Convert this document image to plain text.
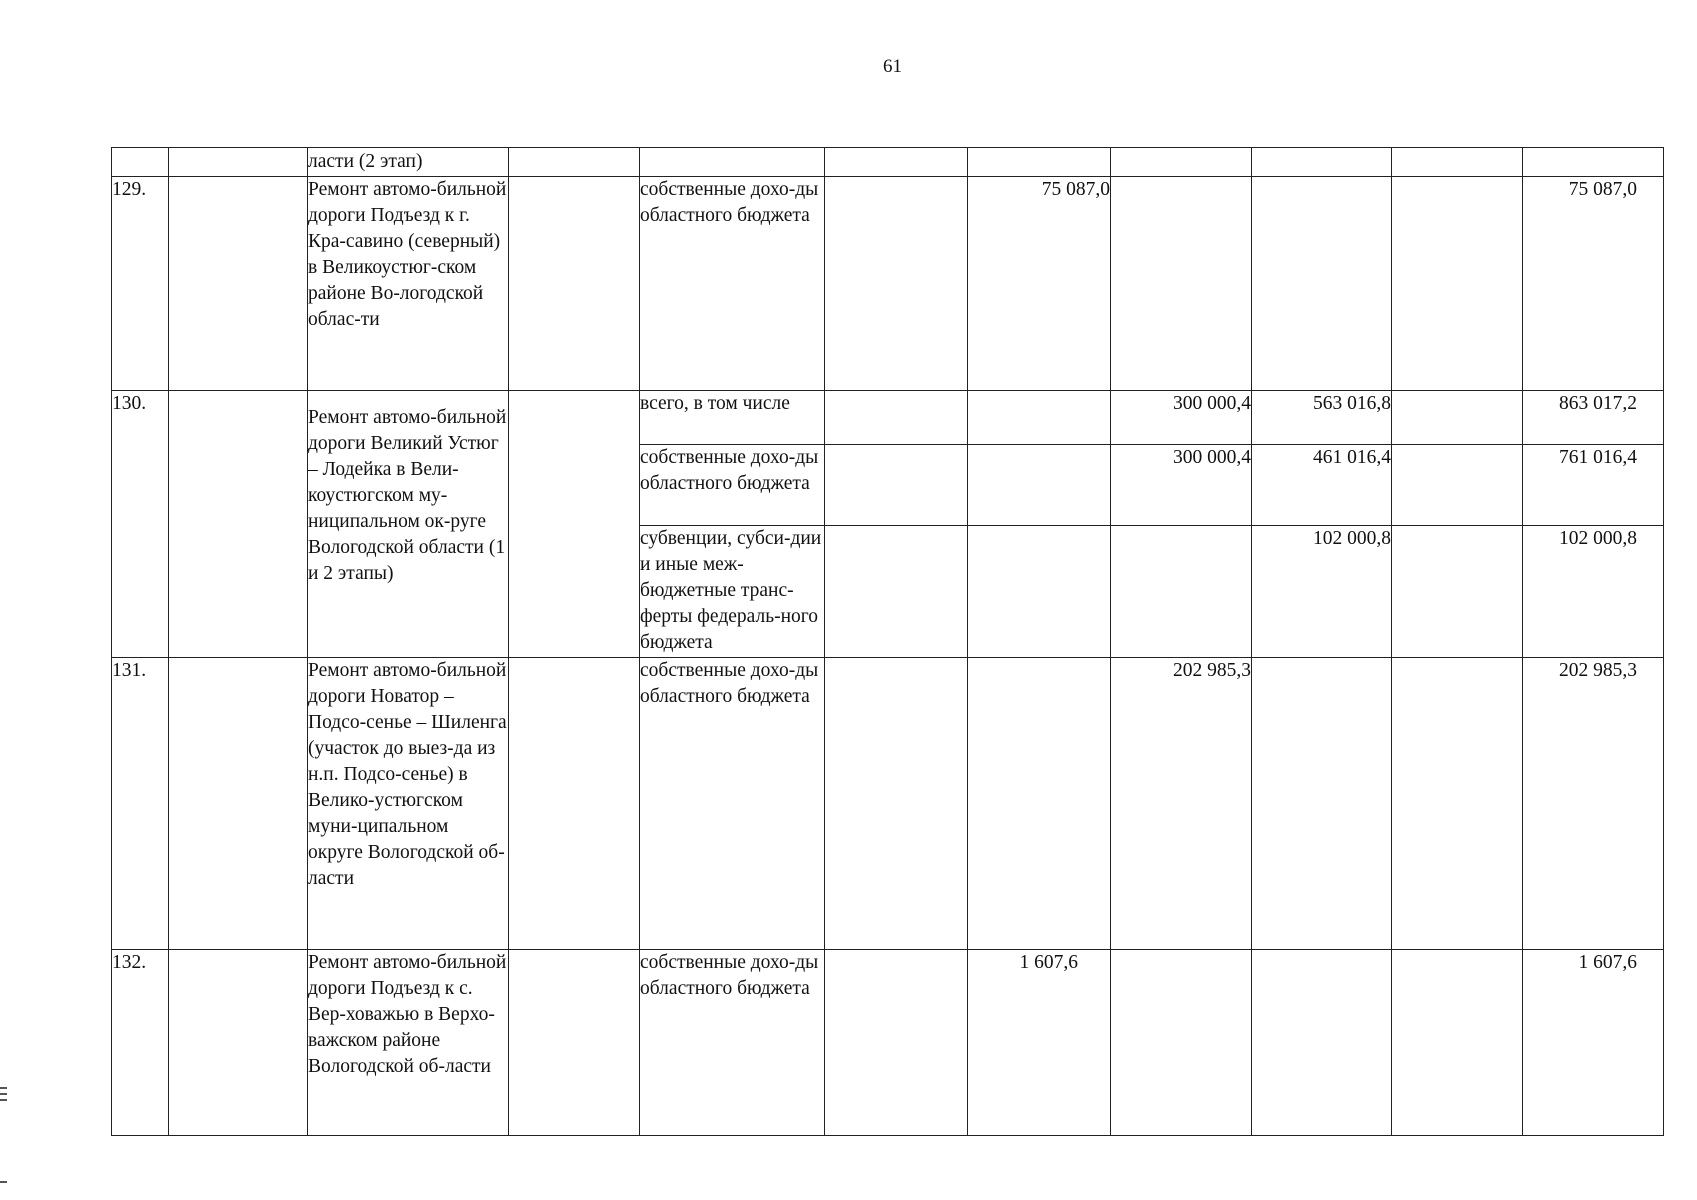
61
		ласти (2 этап)								
129.		Ремонт автомо-бильной дороги Подъезд к г. Кра-савино (северный) в Великоустюг-ском районе Во-логодской облас-ти		собственные дохо-ды областного бюджета		75 087,0				75 087,0
130.		Ремонт автомо-бильной дороги Великий Устюг – Лодейка в Вели-коустюгском му-ниципальном ок-руге Вологодской области (1 и 2 этапы)		всего, в том числе			300 000,4	563 016,8		863 017,2
				собственные дохо-ды областного бюджета			300 000,4	461 016,4		761 016,4
				субвенции, субси-дии и иные меж-бюджетные транс-ферты федераль-ного бюджета				102 000,8		102 000,8
131.		Ремонт автомо-бильной дороги Новатор – Подсо-сенье – Шиленга (участок до выез-да из н.п. Подсо-сенье) в Велико-устюгском муни-ципальном округе Вологодской об-ласти		собственные дохо-ды областного бюджета			202 985,3			202 985,3
132.		Ремонт автомо-бильной дороги Подъезд к с. Вер-ховажью в Верхо-важском районе Вологодской об-ласти		собственные дохо-ды областного бюджета		1 607,6				1 607,6
